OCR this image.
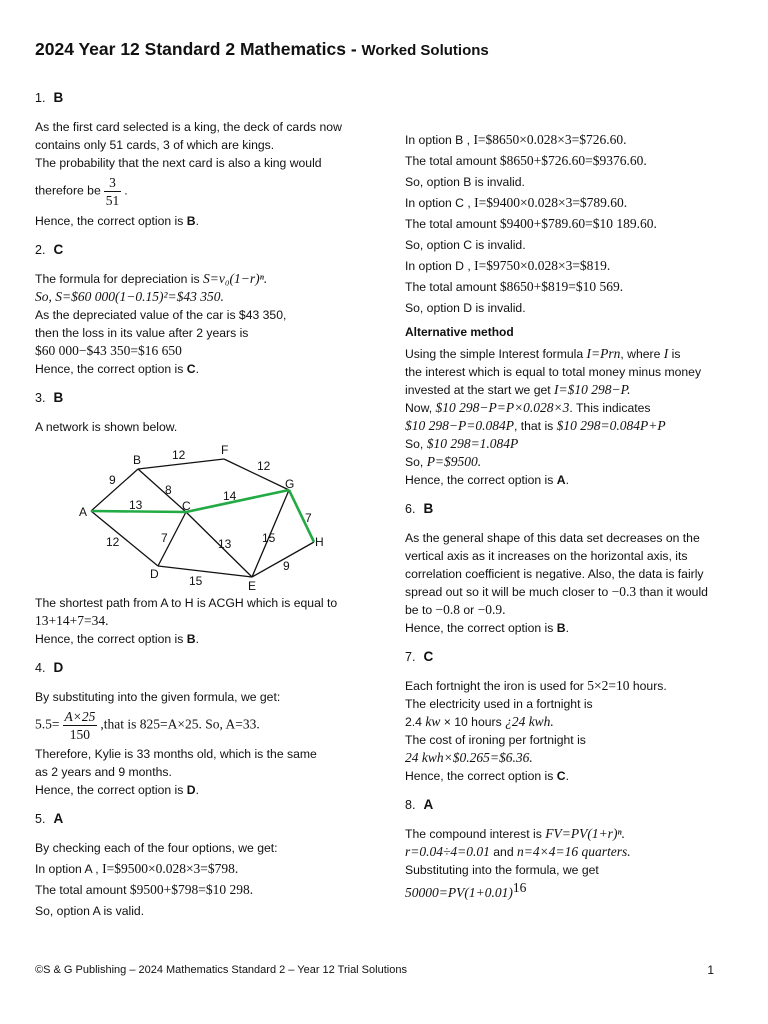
2024 Year 12 Standard 2 Mathematics - Worked Solutions

1. B

As the first card selected is a king, the deck of cards now

contains only 51 cards, 3 of which are kings.

The probability that the next card is also a king would

therefore be $\frac{3}{51}$ .

Hence, the correct option is B.

2. C

The formula for depreciation is S=v₀(1−r)ⁿ.

So, S=$60 000(1−0.15)²=$43 350.

As the depreciated value of the car is $43 350,

then the loss in its value after 2 years is

$60 000−$43 350=$16 650

Hence, the correct option is C.

3. B

A network is shown below.

A
B
C
D
E
F
G
H
9
12
12
8
13
14
7
12	7	13	15
15
9

The shortest path from A to H is ACGH which is equal to

13+14+7=34.

Hence, the correct option is B.

4. D

By substituting into the given formula, we get:

$5.5= \frac{A\times 25}{150}$ ,that is 825=A×25. So, A=33.

Therefore, Kylie is 33 months old, which is the same

as 2 years and 9 months.

Hence, the correct option is D.

5. A

By checking each of the four options, we get:

In option A , I=$9500×0.028×3=$798.

The total amount $9500+$798=$10 298.

So, option A is valid.

In option B , I=$8650×0.028×3=$726.60.

The total amount $8650+$726.60=$9376.60.

So, option B is invalid.

In option C , I=$9400×0.028×3=$789.60.

The total amount $9400+$789.60=$10 189.60.

So, option C is invalid.

In option D , I=$9750×0.028×3=$819.

The total amount $8650+$819=$10 569.

So, option D is invalid.

Alternative method

Using the simple Interest formula I=Prn, where I is

the interest which is equal to total money minus money

invested at the start we get I=$10 298−P.

Now, $10 298−P=P×0.028×3. This indicates

$10 298−P=0.084P, that is $10 298=0.084P+P

So, $10 298=1.084P

So, P=$9500.

Hence, the correct option is A.

6. B

As the general shape of this data set decreases on the

vertical axis as it increases on the horizontal axis, its

correlation coefficient is negative. Also, the data is fairly

spread out so it will be much closer to −0.3 than it would

be to −0.8 or −0.9.

Hence, the correct option is B.

7. C

Each fortnight the iron is used for 5×2=10 hours.

The electricity used in a fortnight is

2.4 kw × 10 hours ¿24 kwh.

The cost of ironing per fortnight is

24 kwh×$0.265=$6.36.

Hence, the correct option is C.

8. A

The compound interest is FV=PV(1+r)ⁿ.

r=0.04÷4=0.01 and n=4×4=16 quarters.

Substituting into the formula, we get

$50000=PV(1+0.01)^{16}$

©S & G Publishing – 2024 Mathematics Standard 2 – Year 12 Trial Solutions	1
